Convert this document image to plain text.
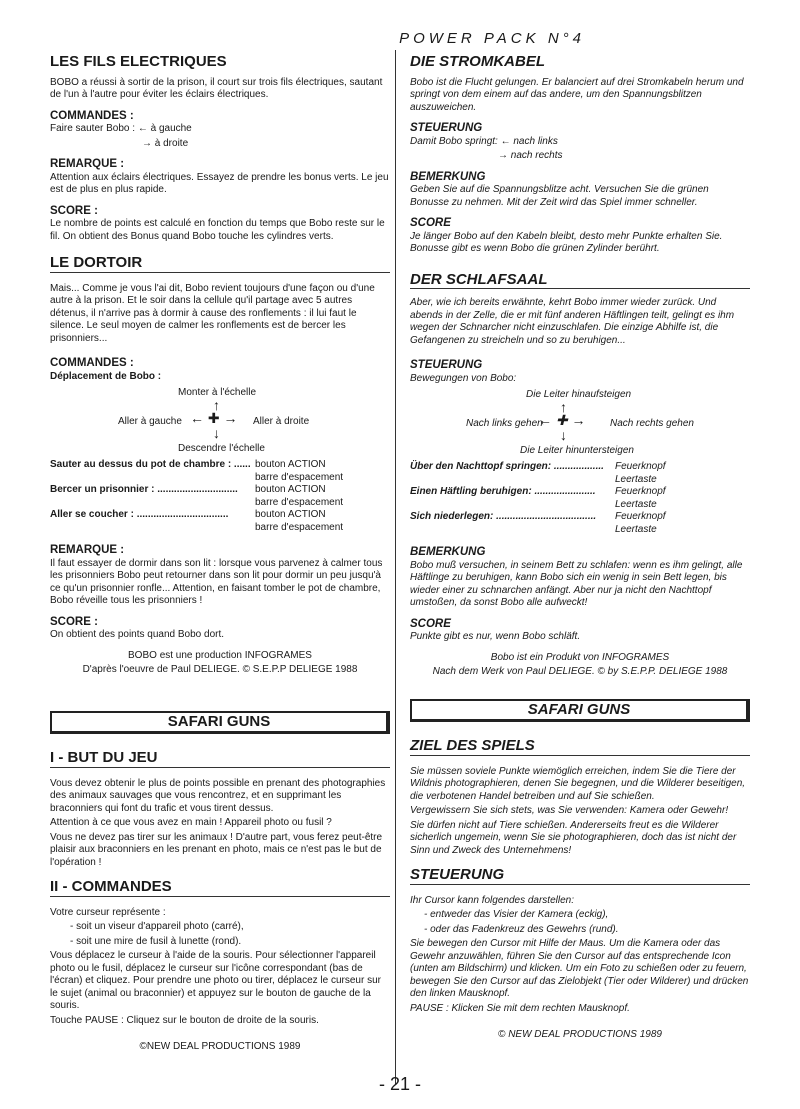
POWER PACK N°4
LES FILS ELECTRIQUES

BOBO a réussi à sortir de la prison, il court sur trois fils électriques, sautant de l'un à l'autre pour éviter les éclairs électriques.

COMMANDES :

Faire sauter Bobo : ← à gauche

→ à droite

REMARQUE :

Attention aux éclairs électriques. Essayez de prendre les bonus verts. Le jeu est de plus en plus rapide.

SCORE :

Le nombre de points est calculé en fonction du temps que Bobo reste sur le fil. On obtient des Bonus quand Bobo touche les cylindres verts.

LE DORTOIR

Mais... Comme je vous l'ai dit, Bobo revient toujours d'une façon ou d'une autre à la prison. Et le soir dans la cellule qu'il partage avec 5 autres détenus, il n'arrive pas à dormir à cause des ronflements : il lui faut le silence. Le seul moyen de calmer les ronflements est de bercer les prisonniers...

COMMANDES :

Déplacement de Bobo :

Monter à l'échelle
↑
Aller à gauche ← ✚ → Aller à droite
↓
Descendre l'échelle
Sauter au dessus du pot de chambre : ...... bouton ACTION
barre d'espacement
Bercer un prisonnier : .............................	bouton ACTION
barre d'espacement
Aller se coucher : .................................	bouton ACTION
barre d'espacement
REMARQUE :

Il faut essayer de dormir dans son lit : lorsque vous parvenez à calmer tous les prisonniers Bobo peut retourner dans son lit pour dormir un peu jusqu'à ce qu'un prisonnier ronfle... Attention, en faisant tomber le pot de chambre, Bobo réveille tous les prisonniers !

SCORE :

On obtient des points quand Bobo dort.

BOBO est une production INFOGRAMES

D'après l'oeuvre de Paul DELIEGE. © S.E.P.P DELIEGE 1988

SAFARI GUNS
I - BUT DU JEU

Vous devez obtenir le plus de points possible en prenant des photographies des animaux sauvages que vous rencontrez, et en supprimant les braconniers qui font du trafic et vous tirent dessus.

Attention à ce que vous avez en main ! Appareil photo ou fusil ?

Vous ne devez pas tirer sur les animaux ! D'autre part, vous ferez peut-être plaisir aux braconniers en les prenant en photo, mais ce n'est pas le but de l'opération !

II - COMMANDES

Votre curseur représente :

- soit un viseur d'appareil photo (carré),

- soit une mire de fusil à lunette (rond).

Vous déplacez le curseur à l'aide de la souris. Pour sélectionner l'appareil photo ou le fusil, déplacez le curseur sur l'icône correspondant (bas de l'écran) et cliquez. Pour prendre une photo ou tirer, déplacez le curseur sur le sujet (animal ou braconnier) et appuyez sur le bouton de gauche de la souris.

Touche PAUSE : Cliquez sur le bouton de droite de la souris.

©NEW DEAL PRODUCTIONS 1989

DIE STROMKABEL

Bobo ist die Flucht gelungen. Er balanciert auf drei Stromkabeln herum und springt von dem einem auf das andere, um den Spannungsblitzen auszuweichen.

STEUERUNG

Damit Bobo springt: ← nach links

→ nach rechts

BEMERKUNG

Geben Sie auf die Spannungsblitze acht. Versuchen Sie die grünen Bonusse zu nehmen. Mit der Zeit wird das Spiel immer schneller.

SCORE

Je länger Bobo auf den Kabeln bleibt, desto mehr Punkte erhalten Sie. Bonusse gibt es wenn Bobo die grünen Zylinder berührt.

DER SCHLAFSAAL

Aber, wie ich bereits erwähnte, kehrt Bobo immer wieder zurück. Und abends in der Zelle, die er mit fünf anderen Häftlingen teilt, gelingt es ihm wegen der Schnarcher nicht einzuschlafen. Die einzige Abhilfe ist, die Gefangenen zu streicheln und so zu beruhigen...

STEUERUNG

Bewegungen von Bobo:

Die Leiter hinaufsteigen
↑
Nach links gehen
← ✚ → Nach rechts gehen
↓
Die Leiter hinuntersteigen
Über den Nachttopf springen: ..................	Feuerknopf
Leertaste
Einen Häftling beruhigen: ......................	Feuerknopf
Leertaste
Sich niederlegen: ....................................	Feuerknopf
Leertaste
BEMERKUNG

Bobo muß versuchen, in seinem Bett zu schlafen: wenn es ihm gelingt, alle Häftlinge zu beruhigen, kann Bobo sich ein wenig in sein Bett legen, bis wieder einer zu schnarchen anfängt. Aber nur ja nicht den Nachttopf umstoßen, da sonst Bobo alle aufweckt!

SCORE

Punkte gibt es nur, wenn Bobo schläft.

Bobo ist ein Produkt von INFOGRAMES

Nach dem Werk von Paul DELIEGE. © by S.E.P.P. DELIEGE 1988

SAFARI GUNS
ZIEL DES SPIELS

Sie müssen soviele Punkte wiemöglich erreichen, indem Sie die Tiere der Wildnis photographieren, denen Sie begegnen, und die Wilderer beseitigen, die verbotenen Handel betreiben und auf Sie schießen.

Vergewissern Sie sich stets, was Sie verwenden: Kamera oder Gewehr!

Sie dürfen nicht auf Tiere schießen. Andererseits freut es die Wilderer sicherlich ungemein, wenn Sie sie photographieren, doch das ist nicht der Sinn und Zweck des Unternehmens!

STEUERUNG

Ihr Cursor kann folgendes darstellen:

- entweder das Visier der Kamera (eckig),

- oder das Fadenkreuz des Gewehrs (rund).

Sie bewegen den Cursor mit Hilfe der Maus. Um die Kamera oder das Gewehr anzuwählen, führen Sie den Cursor auf das entsprechende Icon (unten am Bildschirm) und klicken. Um ein Foto zu schießen oder zu feuern, bewegen Sie den Cursor auf das Zielobjekt (Tier oder Wilderer) und drücken den linken Mausknopf.

PAUSE : Klicken Sie mit dem rechten Mausknopf.

© NEW DEAL PRODUCTIONS 1989

- 21 -
